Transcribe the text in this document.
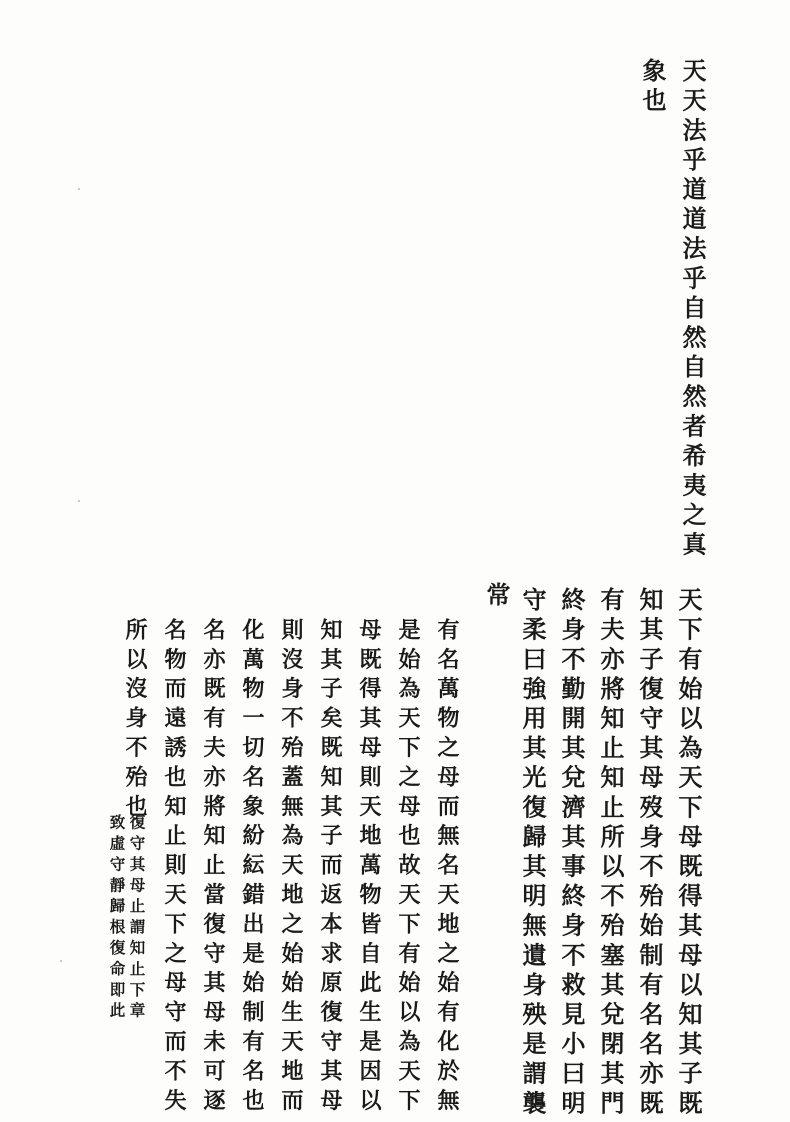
天天法乎道道法乎自然自然者希夷之真
象也
天下有始以為天下母既得其母以知其子既
知其子復守其母歿身不殆始制有名名亦既
有夫亦將知止知止所以不殆塞其兌閉其門
終身不勤開其兌濟其事終身不救見小曰明
守柔曰強用其光復歸其明無遺身殃是謂襲
常
有名萬物之母而無名天地之始有化於無
是始為天下之母也故天下有始以為天下
母既得其母則天地萬物皆自此生是因以
知其子矣既知其子而返本求原復守其母
則沒身不殆蓋無為天地之始始生天地而
化萬物一切名象紛紜錯出是始制有名也
名亦既有夫亦將知止當復守其母未可逐
名物而遠誘也知止則天下之母守而不失
所以沒身不殆也
復守其母止謂知止下章
致虛守靜歸根復命即此
